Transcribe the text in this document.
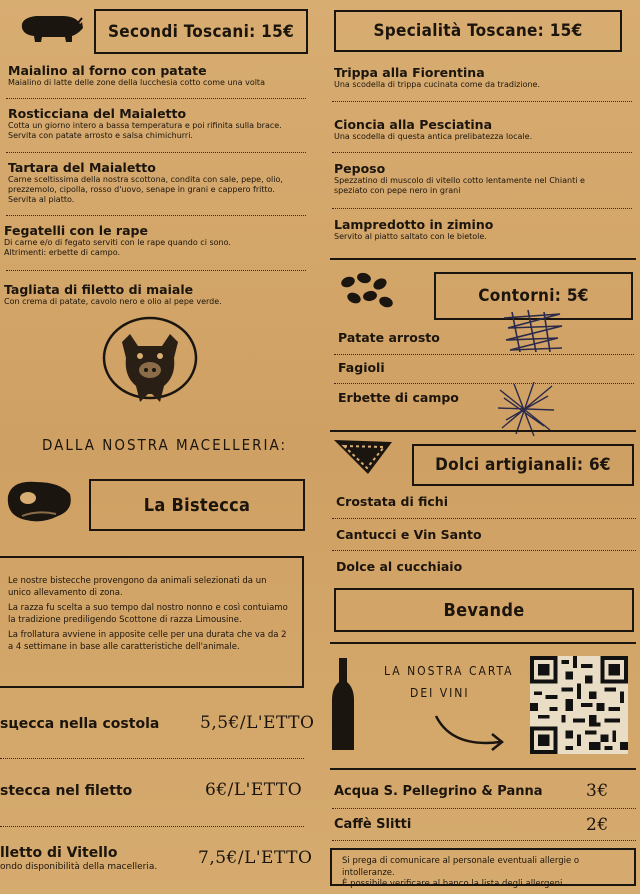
Secondi Toscani: 15€
Maialino al forno con patate
Maialino di latte delle zone della lucchesia cotto come una volta
Rosticciana del Maialetto
Cotta un giorno intero a bassa temperatura e poi rifinita sulla brace.
Servita con patate arrosto e salsa chimichurri.
Tartara del Maialetto
Carne sceltissima della nostra scottona, condita con sale, pepe, olio,
prezzemolo, cipolla, rosso d'uovo, senape in grani e cappero fritto.
Servita al piatto.
Fegatelli con le rape
Di carne e/o di fegato serviti con le rape quando ci sono.
Altrimenti: erbette di campo.
Tagliata di filetto di maiale
Con crema di patate, cavolo nero e olio al pepe verde.
DALLA NOSTRA MACELLERIA:
La Bistecca
Le nostre bistecche provengono da animali selezionati da un
unico allevamento di zona.
La razza fu scelta a suo tempo dal nostro nonno e così contuiamo
la tradizione prediligendo Scottone di razza Limousine.
La frollatura avviene in apposite celle per una durata che va da 2
a 4 settimane in base alle caratteristiche dell'animale.
sцecca nella costola 5,5€/L'ETTO
stecca nel filetto	6€/L'ETTO
lletto di Vitello
ondo disponibilità della macelleria. 7,5€/L'ETTO
Specialità Toscane: 15€
Trippa alla Fiorentina
Una scodella di trippa cucinata come da tradizione.
Cioncia alla Pesciatina
Una scodella di questa antica prelibatezza locale.
Peposo
Spezzatino di muscolo di vitello cotto lentamente nel Chianti e
speziato con pepe nero in grani
Lampredotto in zimino
Servito al piatto saltato con le bietole.
Contorni: 5€
Patate arrosto
Fagioli
Erbette di campo
Dolci artigianali: 6€
Crostata di fichi
Cantucci e Vin Santo
Dolce al cucchiaio
Bevande
LA NOSTRA CARTA
DEI VINI
Acqua S. Pellegrino & Panna	3€
Caffè Slitti	2€
Si prega di comunicare al personale eventuali allergie o intolleranze.
È possibile verificare al banco la lista degli allergeni.
